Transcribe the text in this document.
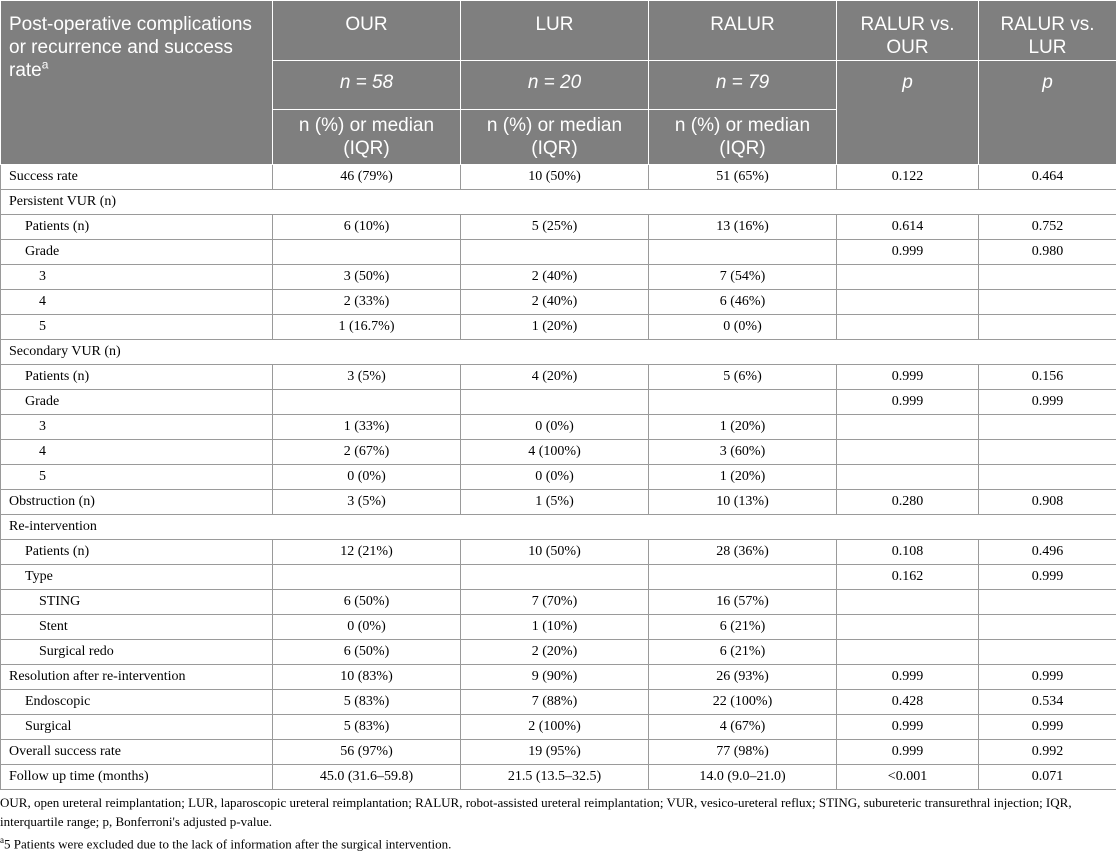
Post-operative complications or recurrence and success rate$^a$	OUR	LUR	RALUR	RALUR vs. OUR	RALUR vs. LUR
	n = 58	n = 20	n = 79	p	p
	n (%) or median (IQR)	n (%) or median (IQR)	n (%) or median (IQR)		
Success rate	46 (79%)	10 (50%)	51 (65%)	0.122	0.464
Persistent VUR (n)					
Patients (n)	6 (10%)	5 (25%)	13 (16%)	0.614	0.752
Grade				0.999	0.980
3	3 (50%)	2 (40%)	7 (54%)		
4	2 (33%)	2 (40%)	6 (46%)		
5	1 (16.7%)	1 (20%)	0 (0%)		
Secondary VUR (n)					
Patients (n)	3 (5%)	4 (20%)	5 (6%)	0.999	0.156
Grade				0.999	0.999
3	1 (33%)	0 (0%)	1 (20%)		
4	2 (67%)	4 (100%)	3 (60%)		
5	0 (0%)	0 (0%)	1 (20%)		
Obstruction (n)	3 (5%)	1 (5%)	10 (13%)	0.280	0.908
Re-intervention					
Patients (n)	12 (21%)	10 (50%)	28 (36%)	0.108	0.496
Type				0.162	0.999
STING	6 (50%)	7 (70%)	16 (57%)		
Stent	0 (0%)	1 (10%)	6 (21%)		
Surgical redo	6 (50%)	2 (20%)	6 (21%)		
Resolution after re-intervention	10 (83%)	9 (90%)	26 (93%)	0.999	0.999
Endoscopic	5 (83%)	7 (88%)	22 (100%)	0.428	0.534
Surgical	5 (83%)	2 (100%)	4 (67%)	0.999	0.999
Overall success rate	56 (97%)	19 (95%)	77 (98%)	0.999	0.992
Follow up time (months)	45.0 (31.6–59.8)	21.5 (13.5–32.5)	14.0 (9.0–21.0)	<0.001	0.071

OUR, open ureteral reimplantation; LUR, laparoscopic ureteral reimplantation; RALUR, robot-assisted ureteral reimplantation; VUR, vesico-ureteral reflux; STING, subureteric transurethral injection; IQR, interquartile range; p, Bonferroni's adjusted p-value.

$^a$5 Patients were excluded due to the lack of information after the surgical intervention.
